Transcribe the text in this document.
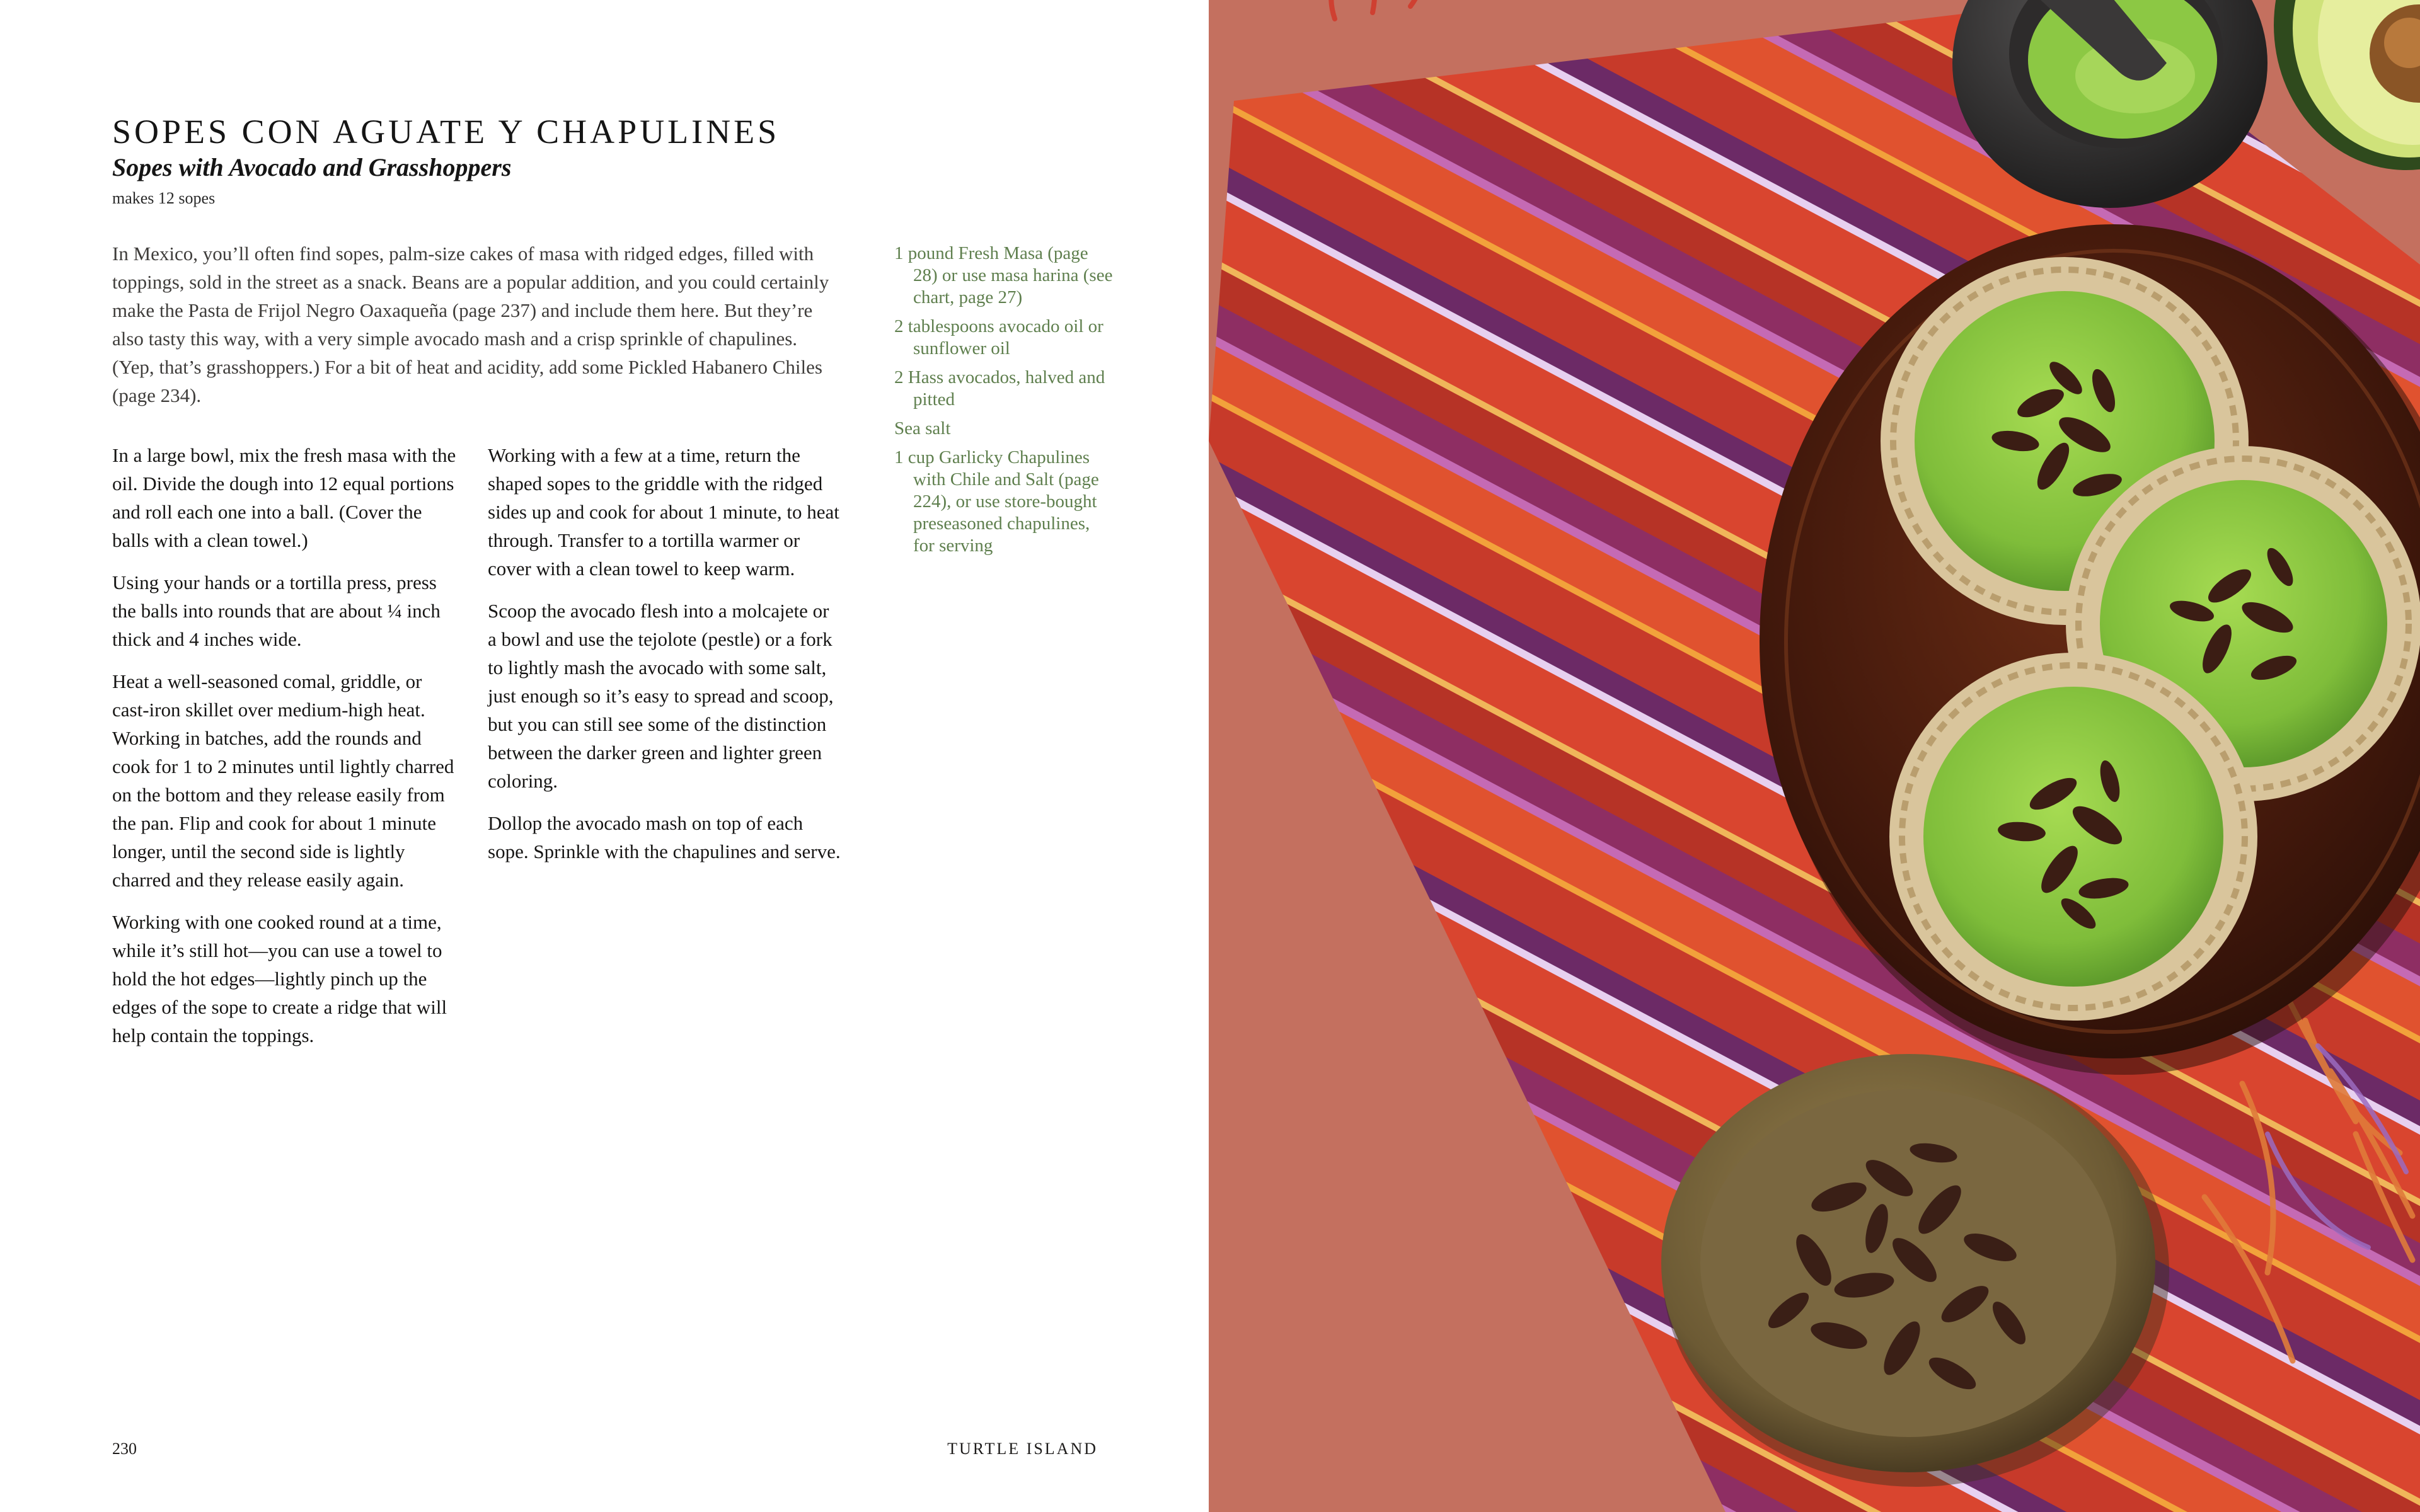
SOPES CON AGUATE Y CHAPULINES
Sopes with Avocado and Grasshoppers

makes 12 sopes

In Mexico, you’ll often find sopes, palm-size cakes of masa with ridged edges, filled with toppings, sold in the street as a snack. Beans are a popular addition, and you could certainly make the Pasta de Frijol Negro Oaxaqueña (page 237) and include them here. But they’re also tasty this way, with a very simple avocado mash and a crisp sprinkle of chapulines. (Yep, that’s grasshoppers.) For a bit of heat and acidity, add some Pickled Habanero Chiles (page 234).

In a large bowl, mix the fresh masa with the oil. Divide the dough into 12 equal portions and roll each one into a ball. (Cover the balls with a clean towel.)

Using your hands or a tortilla press, press the balls into rounds that are about ¼ inch thick and 4 inches wide.

Heat a well-seasoned comal, griddle, or cast-iron skillet over medium-high heat. Working in batches, add the rounds and cook for 1 to 2 minutes until lightly charred on the bottom and they release easily from the pan. Flip and cook for about 1 minute longer, until the second side is lightly charred and they release easily again.

Working with one cooked round at a time, while it’s still hot—you can use a towel to hold the hot edges—lightly pinch up the edges of the sope to create a ridge that will help contain the toppings.

Working with a few at a time, return the shaped sopes to the griddle with the ridged sides up and cook for about 1 minute, to heat through. Transfer to a tortilla warmer or cover with a clean towel to keep warm.

Scoop the avocado flesh into a molcajete or a bowl and use the tejolote (pestle) or a fork to lightly mash the avocado with some salt, just enough so it’s easy to spread and scoop, but you can still see some of the distinction between the darker green and lighter green coloring.

Dollop the avocado mash on top of each sope. Sprinkle with the chapulines and serve.

1 pound Fresh Masa (page 28) or use masa harina (see chart, page 27)
2 tablespoons avocado oil or sunflower oil
2 Hass avocados, halved and pitted
Sea salt
1 cup Garlicky Chapulines with Chile and Salt (page 224), or use store-bought preseasoned chapulines, for serving
230	TURTLE ISLAND
